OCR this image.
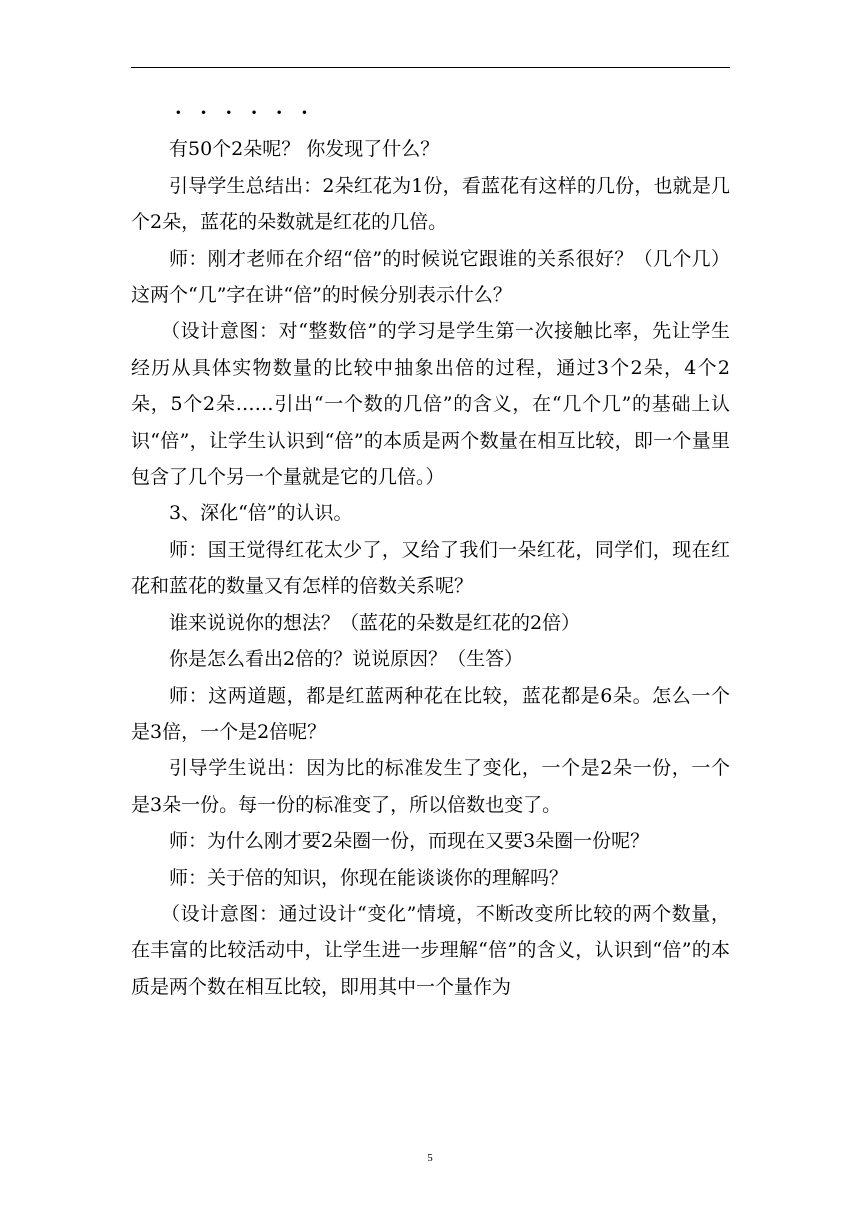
· · · · · ·

有50个2朵呢？ 你发现了什么？

引导学生总结出：2朵红花为1份，看蓝花有这样的几份，也就是几个2朵，蓝花的朵数就是红花的几倍。

师：刚才老师在介绍“倍”的时候说它跟谁的关系很好？（几个几）这两个“几”字在讲“倍”的时候分别表示什么？

（设计意图：对“整数倍”的学习是学生第一次接触比率，先让学生经历从具体实物数量的比较中抽象出倍的过程，通过3个2朵，4个2朵，5个2朵……引出“一个数的几倍”的含义，在“几个几”的基础上认识“倍”，让学生认识到“倍”的本质是两个数量在相互比较，即一个量里包含了几个另一个量就是它的几倍。）

3、深化“倍”的认识。

师：国王觉得红花太少了，又给了我们一朵红花，同学们，现在红花和蓝花的数量又有怎样的倍数关系呢？

谁来说说你的想法？（蓝花的朵数是红花的2倍）

你是怎么看出2倍的？说说原因？（生答）

师：这两道题，都是红蓝两种花在比较，蓝花都是6朵。怎么一个是3倍，一个是2倍呢？

引导学生说出：因为比的标准发生了变化，一个是2朵一份，一个是3朵一份。每一份的标准变了，所以倍数也变了。

师：为什么刚才要2朵圈一份，而现在又要3朵圈一份呢？

师：关于倍的知识，你现在能谈谈你的理解吗？

（设计意图：通过设计“变化”情境，不断改变所比较的两个数量，在丰富的比较活动中，让学生进一步理解“倍”的含义，认识到“倍”的本质是两个数在相互比较，即用其中一个量作为

5
